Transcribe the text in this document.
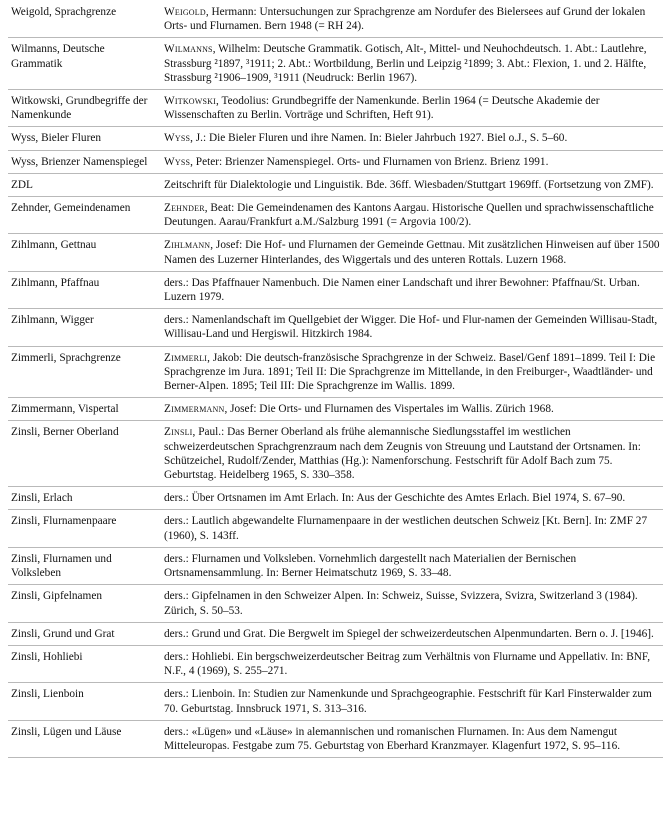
Weigold, Sprachgrenze	Weigold, Hermann: Untersuchungen zur Sprachgrenze am Nordufer des Bielersees auf Grund der lokalen Orts- und Flurnamen. Bern 1948 (= RH 24).
Wilmanns, Deutsche Grammatik	Wilmanns, Wilhelm: Deutsche Grammatik. Gotisch, Alt-, Mittel- und Neuhochdeutsch. 1. Abt.: Lautlehre, Strassburg ²1897, ³1911; 2. Abt.: Wortbildung, Berlin und Leipzig ²1899; 3. Abt.: Flexion, 1. und 2. Hälfte, Strassburg ²1906–1909, ³1911 (Neudruck: Berlin 1967).
Witkowski, Grundbegriffe der Namenkunde	Witkowski, Teodolius: Grundbegriffe der Namenkunde. Berlin 1964 (= Deutsche Akademie der Wissenschaften zu Berlin. Vorträge und Schriften, Heft 91).
Wyss, Bieler Fluren	Wyss, J.: Die Bieler Fluren und ihre Namen. In: Bieler Jahrbuch 1927. Biel o.J., S. 5–60.
Wyss, Brienzer Namenspiegel	Wyss, Peter: Brienzer Namenspiegel. Orts- und Flurnamen von Brienz. Brienz 1991.
ZDL	Zeitschrift für Dialektologie und Linguistik. Bde. 36ff. Wiesbaden/Stuttgart 1969ff. (Fortsetzung von ZMF).
Zehnder, Gemeindenamen	Zehnder, Beat: Die Gemeindenamen des Kantons Aargau. Historische Quellen und sprachwissenschaftliche Deutungen. Aarau/Frankfurt a.M./Salzburg 1991 (= Argovia 100/2).
Zihlmann, Gettnau	Zihlmann, Josef: Die Hof- und Flurnamen der Gemeinde Gettnau. Mit zusätzlichen Hinweisen auf über 1500 Namen des Luzerner Hinterlandes, des Wiggertals und des unteren Rottals. Luzern 1968.
Zihlmann, Pfaffnau	ders.: Das Pfaffnauer Namenbuch. Die Namen einer Landschaft und ihrer Bewohner: Pfaffnau/St. Urban. Luzern 1979.
Zihlmann, Wigger	ders.: Namenlandschaft im Quellgebiet der Wigger. Die Hof- und Flur-namen der Gemeinden Willisau-Stadt, Willisau-Land und Hergiswil. Hitzkirch 1984.
Zimmerli, Sprachgrenze	Zimmerli, Jakob: Die deutsch-französische Sprachgrenze in der Schweiz. Basel/Genf 1891–1899. Teil I: Die Sprachgrenze im Jura. 1891; Teil II: Die Sprachgrenze im Mittellande, in den Freiburger-, Waadtländer- und Berner-Alpen. 1895; Teil III: Die Sprachgrenze im Wallis. 1899.
Zimmermann, Vispertal	Zimmermann, Josef: Die Orts- und Flurnamen des Vispertales im Wallis. Zürich 1968.
Zinsli, Berner Oberland	Zinsli, Paul.: Das Berner Oberland als frühe alemannische Siedlungsstaffel im westlichen schweizerdeutschen Sprachgrenzraum nach dem Zeugnis von Streuung und Lautstand der Ortsnamen. In: Schützeichel, Rudolf/Zender, Matthias (Hg.): Namenforschung. Festschrift für Adolf Bach zum 75. Geburtstag. Heidelberg 1965, S. 330–358.
Zinsli, Erlach	ders.: Über Ortsnamen im Amt Erlach. In: Aus der Geschichte des Amtes Erlach. Biel 1974, S. 67–90.
Zinsli, Flurnamenpaare	ders.: Lautlich abgewandelte Flurnamenpaare in der westlichen deutschen Schweiz [Kt. Bern]. In: ZMF 27 (1960), S. 143ff.
Zinsli, Flurnamen und Volksleben	ders.: Flurnamen und Volksleben. Vornehmlich dargestellt nach Materialien der Bernischen Ortsnamensammlung. In: Berner Heimatschutz 1969, S. 33–48.
Zinsli, Gipfelnamen	ders.: Gipfelnamen in den Schweizer Alpen. In: Schweiz, Suisse, Svizzera, Svizra, Switzerland 3 (1984). Zürich, S. 50–53.
Zinsli, Grund und Grat	ders.: Grund und Grat. Die Bergwelt im Spiegel der schweizerdeutschen Alpenmundarten. Bern o. J. [1946].
Zinsli, Hohliebi	ders.: Hohliebi. Ein bergschweizerdeutscher Beitrag zum Verhältnis von Flurname und Appellativ. In: BNF, N.F., 4 (1969), S. 255–271.
Zinsli, Lienboin	ders.: Lienboin. In: Studien zur Namenkunde und Sprachgeographie. Festschrift für Karl Finsterwalder zum 70. Geburtstag. Innsbruck 1971, S. 313–316.
Zinsli, Lügen und Läuse	ders.: «Lügen» und «Läuse» in alemannischen und romanischen Flurnamen. In: Aus dem Namengut Mitteleuropas. Festgabe zum 75. Geburtstag von Eberhard Kranzmayer. Klagenfurt 1972, S. 95–116.
